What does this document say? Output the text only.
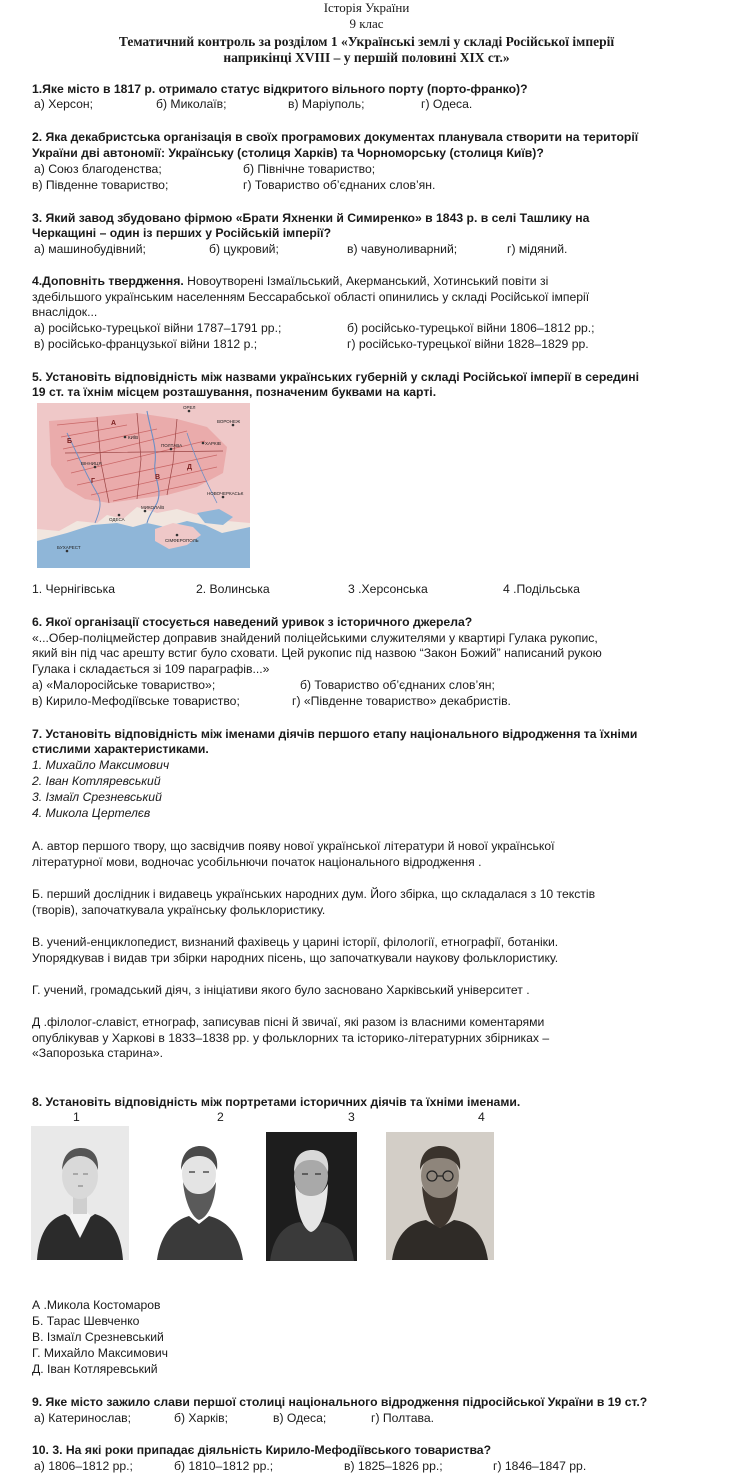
Історія України
9 клас
Тематичний контроль за розділом 1 «Українські землі у складі Російської імперії
наприкінці XVIII – у першій половині ХІХ ст.»
1.Яке місто в 1817 р. отримало статус відкритого вільного порту (порто-франко)?
а) Херсон;	б) Миколаїв;	в) Маріуполь;	г) Одеса.
2. Яка декабристська організація в своїх програмових документах планувала створити на території
України дві автономії: Українську (столиця Харків) та Чорноморську (столиця Київ)?
а) Союз благоденства;	б) Північне товариство;
в) Південне товариство;	г) Товариство об’єднаних слов’ян.
3. Який завод збудовано фірмою «Брати Яхненки й Симиренко» в 1843 р. в селі Ташлику на
Черкащині – один із перших у Російській імперії?
а) машинобудівний;	б) цукровий;	в) чавуноливарний;	г) мідяний.
4.Доповніть твердження. Новоутворені Ізмаїльський, Акерманський, Хотинський повіти зі
здебільшого українським населенням Бессарабської області опинились у складі Російської імперії
внаслідок...
а) російсько-турецької війни 1787–1791 рр.;	б) російсько-турецької війни 1806–1812 рр.;
в) російсько-французької війни 1812 р.;	г) російсько-турецької війни 1828–1829 рр.
5. Установіть відповідність між назвами українських губерній у складі Російської імперії в середині
19 ст. та їхнім місцем розташування, позначеним буквами на карті.
ОРЕЛ
КИЇВ
ПОЛТАВА
ВОРОНЕЖ
ХАРКІВ
ВІННИЦЯ
ОДЕСА
МИКОЛАЇВ
СІМФЕРОПОЛЬ
НОВОЧЕРКАСЬК
БУХАРЕСТ
А
Б
В
Г
Д
1. Чернігівська	2. Волинська	3 .Херсонська	4 .Подільська
6. Якої організації стосується наведений уривок з історичного джерела?
«...Обер-поліцмейстер доправив знайдений поліцейськими служителями у квартирі Гулака рукопис,
який він під час арешту встиг було сховати. Цей рукопис під назвою “Закон Божий” написаний рукою
Гулака і складається зі 109 параграфів...»
а) «Малоросійське товариство»;	б) Товариство об’єднаних слов’ян;
в) Кирило-Мефодіївське товариство;	г) «Південне товариство» декабристів.
7. Установіть відповідність між іменами діячів першого етапу національного відродження та їхніми
стислими характеристиками.
1. Михайло Максимович
2. Іван Котляревський
3. Ізмаїл Срезневський
4. Микола Цертелєв
А. автор першого твору, що засвідчив появу нової української літератури й нової української
літературної мови, водночас усобільнючи початок національного відродження .
Б. перший дослідник і видавець українських народних дум. Його збірка, що складалася з 10 текстів
(творів), започаткувала українську фольклористику.
В. учений-енциклопедист, визнаний фахівець у царині історії, філології, етнографії, ботаніки.
Упорядкував і видав три збірки народних пісень, що започаткували наукову фольклористику.
Г. учений, громадський діяч, з ініціативи якого було засновано Харківський університет .
Д .філолог-славіст, етнограф, записував пісні й звичаї, які разом із власними коментарями
опублікував у Харкові в 1833–1838 рр. у фольклорних та історико-літературних збірниках –
«Запорозька старина».
8. Установіть відповідність між портретами історичних діячів та їхніми іменами.
1	2	3	4
А .Микола Костомаров
Б. Тарас Шевченко
В. Ізмаїл Срезневський
Г. Михайло Максимович
Д. Іван Котляревський
9. Яке місто зажило слави першої столиці національного відродження підросійської України в 19 ст.?
а) Катеринослав;	б) Харків;	в) Одеса;	г) Полтава.
10. 3. На які роки припадає діяльність Кирило-Мефодіївського товариства?
а) 1806–1812 рр.;	б) 1810–1812 рр.;	в) 1825–1826 рр.;	г) 1846–1847 рр.
